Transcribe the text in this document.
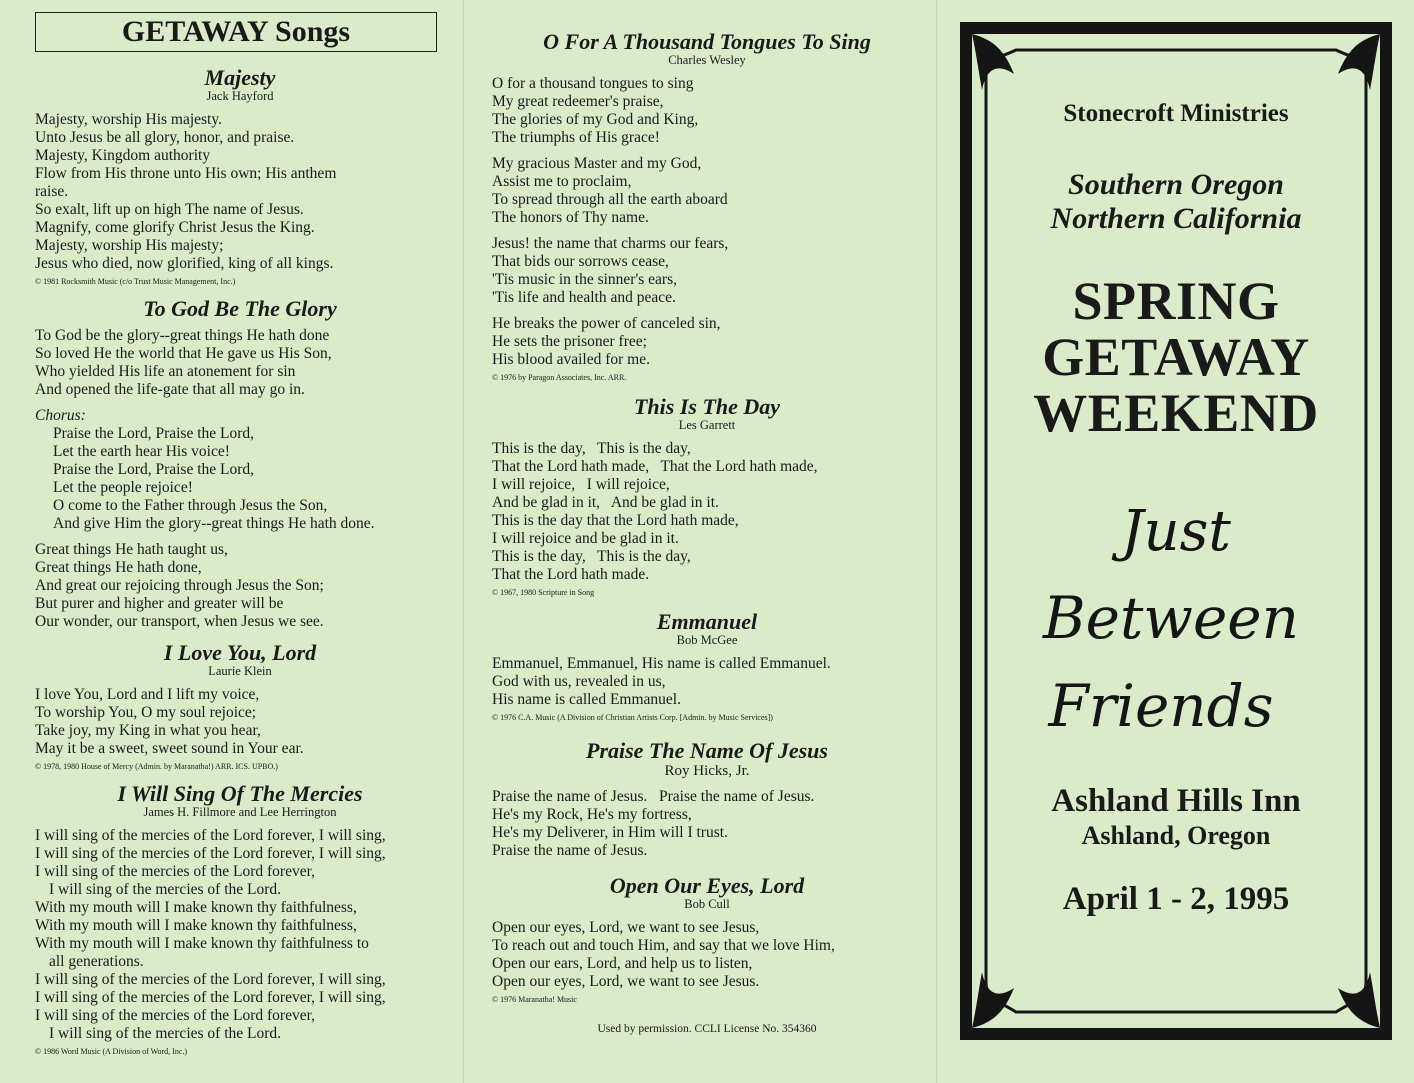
GETAWAY Songs
Majesty
Jack Hayford
Majesty, worship His majesty.
Unto Jesus be all glory, honor, and praise.
Majesty, Kingdom authority
Flow from His throne unto His own; His anthem
raise.
So exalt, lift up on high The name of Jesus.
Magnify, come glorify Christ Jesus the King.
Majesty, worship His majesty;
Jesus who died, now glorified, king of all kings.
© 1981 Rocksmith Music (c/o Trust Music Management, Inc.)
To God Be The Glory
To God be the glory--great things He hath done
So loved He the world that He gave us His Son,
Who yielded His life an atonement for sin
And opened the life-gate that all may go in.
Chorus:
Praise the Lord, Praise the Lord,
Let the earth hear His voice!
Praise the Lord, Praise the Lord,
Let the people rejoice!
O come to the Father through Jesus the Son,
And give Him the glory--great things He hath done.
Great things He hath taught us,
Great things He hath done,
And great our rejoicing through Jesus the Son;
But purer and higher and greater will be
Our wonder, our transport, when Jesus we see.
I Love You, Lord
Laurie Klein
I love You, Lord and I lift my voice,
To worship You, O my soul rejoice;
Take joy, my King in what you hear,
May it be a sweet, sweet sound in Your ear.
© 1978, 1980 House of Mercy (Admin. by Maranatha!) ARR. ICS. UPBO.)
I Will Sing Of The Mercies
James H. Fillmore and Lee Herrington
I will sing of the mercies of the Lord forever, I will sing,
I will sing of the mercies of the Lord forever, I will sing,
I will sing of the mercies of the Lord forever,
I will sing of the mercies of the Lord.
With my mouth will I make known thy faithfulness,
With my mouth will I make known thy faithfulness,
With my mouth will I make known thy faithfulness to
all generations.
I will sing of the mercies of the Lord forever, I will sing,
I will sing of the mercies of the Lord forever, I will sing,
I will sing of the mercies of the Lord forever,
I will sing of the mercies of the Lord.
© 1986 Word Music (A Division of Word, Inc.)
O For A Thousand Tongues To Sing
Charles Wesley
O for a thousand tongues to sing
My great redeemer's praise,
The glories of my God and King,
The triumphs of His grace!
My gracious Master and my God,
Assist me to proclaim,
To spread through all the earth aboard
The honors of Thy name.
Jesus! the name that charms our fears,
That bids our sorrows cease,
'Tis music in the sinner's ears,
'Tis life and health and peace.
He breaks the power of canceled sin,
He sets the prisoner free;
His blood availed for me.
© 1976 by Paragon Associates, Inc. ARR.
This Is The Day
Les Garrett
This is the day,   This is the day,
That the Lord hath made,   That the Lord hath made,
I will rejoice,   I will rejoice,
And be glad in it,   And be glad in it.
This is the day that the Lord hath made,
I will rejoice and be glad in it.
This is the day,   This is the day,
That the Lord hath made.
© 1967, 1980 Scripture in Song
Emmanuel
Bob McGee
Emmanuel, Emmanuel, His name is called Emmanuel.
God with us, revealed in us,
His name is called Emmanuel.
© 1976 C.A. Music (A Division of Christian Artists Corp. [Admin. by Music Services])
Praise The Name Of Jesus
Roy Hicks, Jr.
Praise the name of Jesus.   Praise the name of Jesus.
He's my Rock, He's my fortress,
He's my Deliverer, in Him will I trust.
Praise the name of Jesus.
Open Our Eyes, Lord
Bob Cull
Open our eyes, Lord, we want to see Jesus,
To reach out and touch Him, and say that we love Him,
Open our ears, Lord, and help us to listen,
Open our eyes, Lord, we want to see Jesus.
© 1976 Maranatha! Music
Used by permission. CCLI License No. 354360
Stonecroft Ministries
Southern Oregon
Northern California
SPRING
GETAWAY
WEEKEND
Just
Between
Friends
Ashland Hills Inn
Ashland, Oregon
April 1 - 2, 1995
